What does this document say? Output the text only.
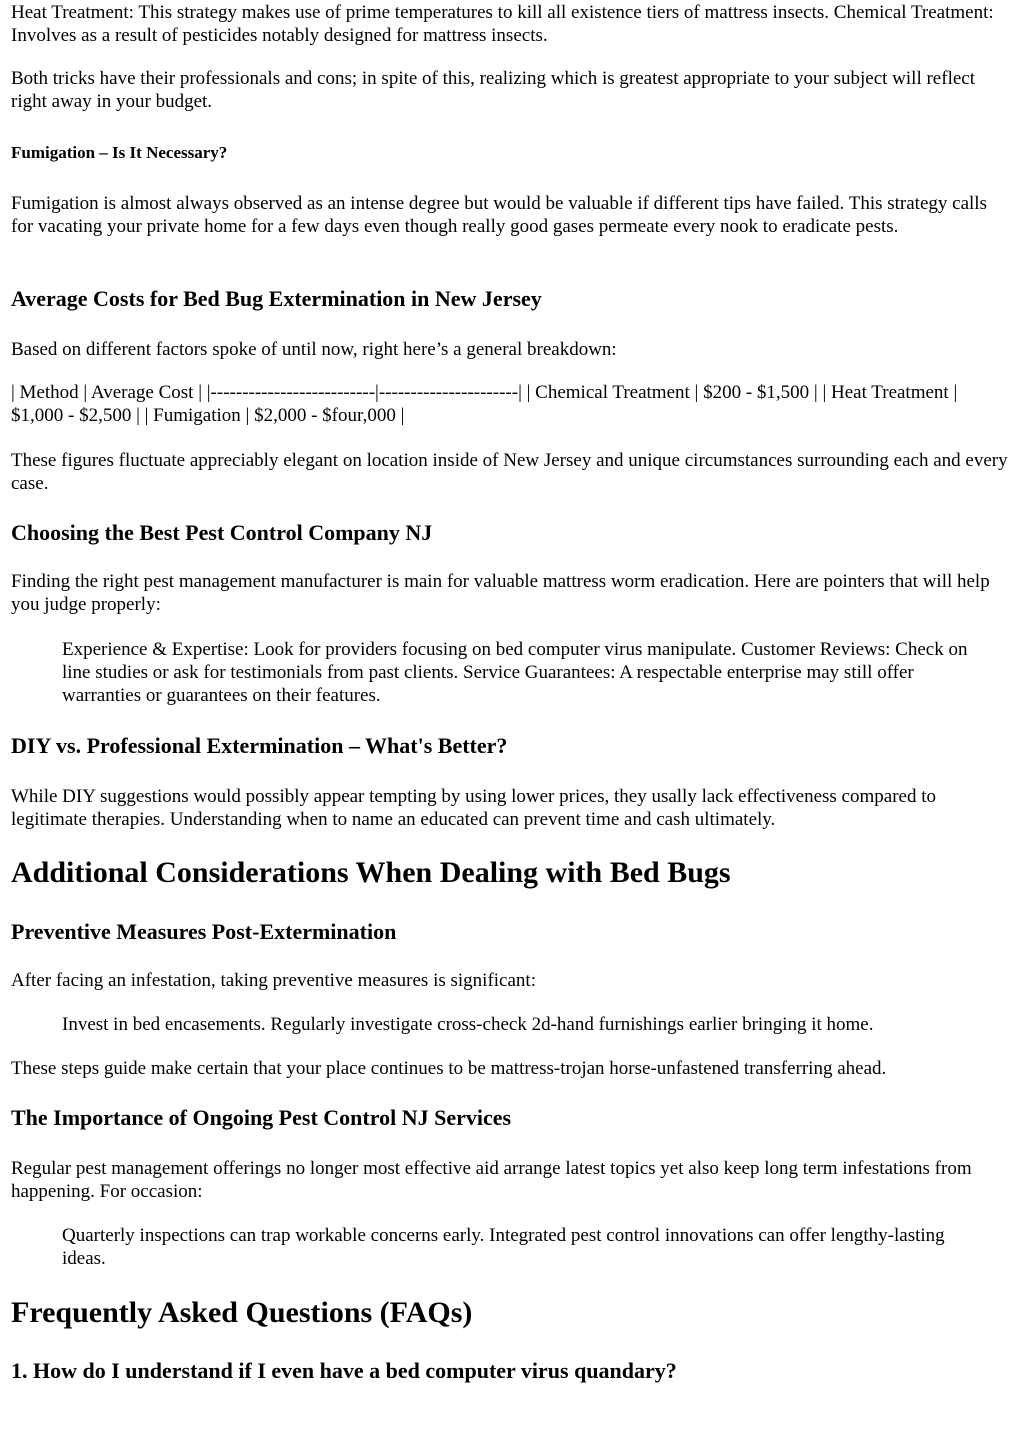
Heat Treatment: This strategy makes use of prime temperatures to kill all existence tiers of mattress insects. Chemical Treatment: Involves as a result of pesticides notably designed for mattress insects.

Both tricks have their professionals and cons; in spite of this, realizing which is greatest appropriate to your subject will reflect right away in your budget.

Fumigation – Is It Necessary?

Fumigation is almost always observed as an intense degree but would be valuable if different tips have failed. This strategy calls for vacating your private home for a few days even though really good gases permeate every nook to eradicate pests.

Average Costs for Bed Bug Extermination in New Jersey

Based on different factors spoke of until now, right here’s a general breakdown:

| Method | Average Cost | |--------------------------|----------------------| | Chemical Treatment | $200 - $1,500 | | Heat Treatment | $1,000 - $2,500 | | Fumigation | $2,000 - $four,000 |

These figures fluctuate appreciably elegant on location inside of New Jersey and unique circumstances surrounding each and every case.

Choosing the Best Pest Control Company NJ

Finding the right pest management manufacturer is main for valuable mattress worm eradication. Here are pointers that will help you judge properly:

Experience & Expertise: Look for providers focusing on bed computer virus manipulate. Customer Reviews: Check on line studies or ask for testimonials from past clients. Service Guarantees: A respectable enterprise may still offer warranties or guarantees on their features.

DIY vs. Professional Extermination – What's Better?

While DIY suggestions would possibly appear tempting by using lower prices, they usally lack effectiveness compared to legitimate therapies. Understanding when to name an educated can prevent time and cash ultimately.

Additional Considerations When Dealing with Bed Bugs
Preventive Measures Post-Extermination

After facing an infestation, taking preventive measures is significant:

Invest in bed encasements. Regularly investigate cross-check 2d-hand furnishings earlier bringing it home.

These steps guide make certain that your place continues to be mattress-trojan horse-unfastened transferring ahead.

The Importance of Ongoing Pest Control NJ Services

Regular pest management offerings no longer most effective aid arrange latest topics yet also keep long term infestations from happening. For occasion:

Quarterly inspections can trap workable concerns early. Integrated pest control innovations can offer lengthy-lasting ideas.

Frequently Asked Questions (FAQs)
1. How do I understand if I even have a bed computer virus quandary?
